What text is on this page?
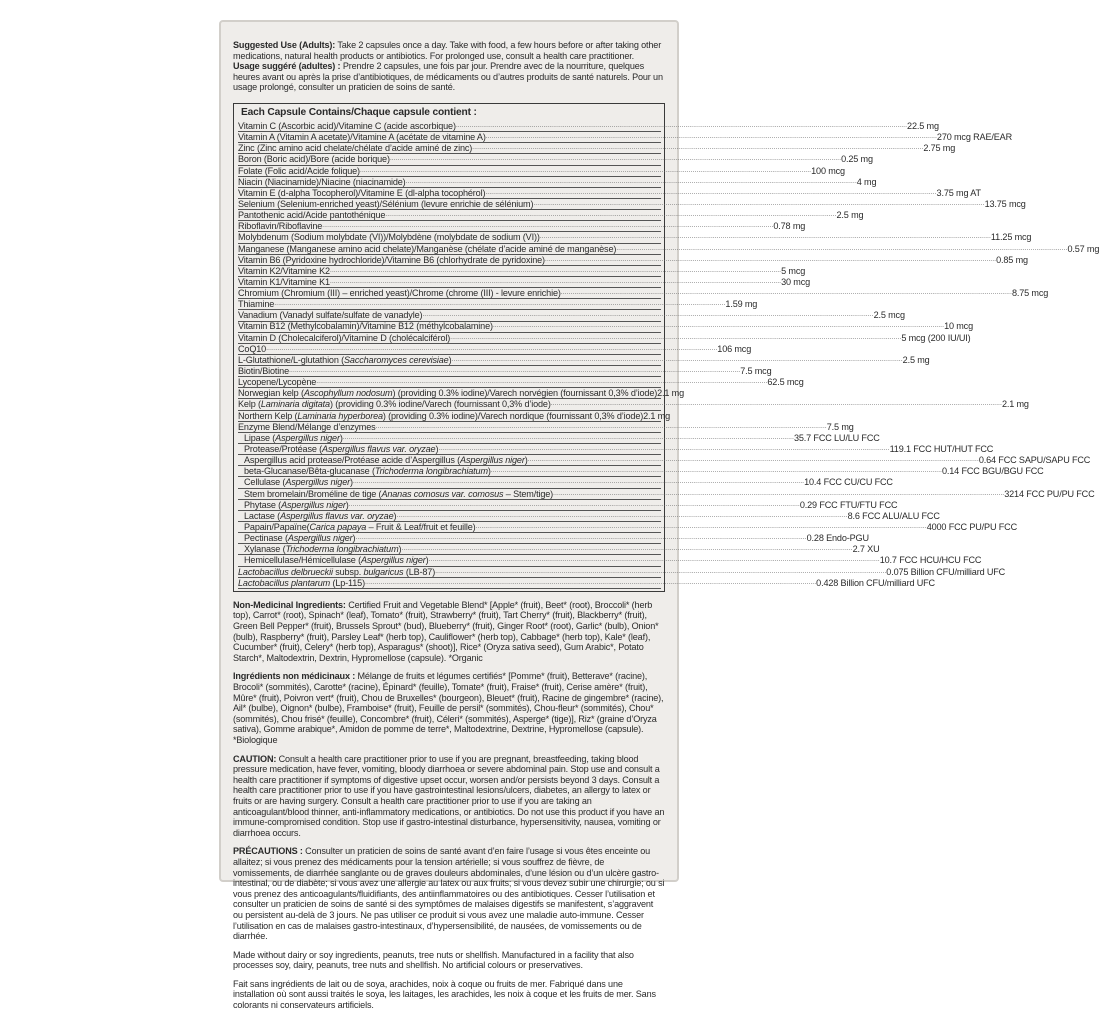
Suggested Use (Adults): Take 2 capsules once a day. Take with food, a few hours before or after taking other medications, natural health products or antibiotics. For prolonged use, consult a health care practitioner.

Usage suggéré (adultes) : Prendre 2 capsules, une fois par jour. Prendre avec de la nourriture, quelques heures avant ou après la prise d’antibiotiques, de médicaments ou d’autres produits de santé naturels. Pour un usage prolongé, consulter un praticien de soins de santé.

Each Capsule Contains/Chaque capsule contient :
Vitamin C (Ascorbic acid)/Vitamine C (acide ascorbique) .....	22.5 mg
Vitamin A (Vitamin A acetate)/Vitamine A (acétate de vitamine A) .....	270 mcg RAE/EAR
Zinc (Zinc amino acid chelate/chélate d’acide aminé de zinc) .....	2.75 mg
Boron (Boric acid)/Bore (acide borique) .....	0.25 mg
Folate (Folic acid/Acide folique) .....	100 mcg
Niacin (Niacinamide)/Niacine (niacinamide) .....	4 mg
Vitamin E (d-alpha Tocopherol)/Vitamine E (dl-alpha tocophérol) .....	3.75 mg AT
Selenium (Selenium-enriched yeast)/Sélénium (levure enrichie de sélénium) .....	13.75 mcg
Pantothenic acid/Acide pantothénique .....	2.5 mg
Riboflavin/Riboflavine .....	0.78 mg
Molybdenum (Sodium molybdate (VI))/Molybdène (molybdate de sodium (VI)) .....	11.25 mcg
Manganese (Manganese amino acid chelate)/Manganèse (chélate d’acide aminé de manganèse) .....	0.57 mg
Vitamin B6 (Pyridoxine hydrochloride)/Vitamine B6 (chlorhydrate de pyridoxine) .....	0.85 mg
Vitamin K2/Vitamine K2 .....	5 mcg
Vitamin K1/Vitamine K1 .....	30 mcg
Chromium (Chromium (III) – enriched yeast)/Chrome (chrome (III) - levure enrichie) .....	8.75 mcg
Thiamine .....	1.59 mg
Vanadium (Vanadyl sulfate/sulfate de vanadyle) .....	2.5 mcg
Vitamin B12 (Methylcobalamin)/Vitamine B12 (méthylcobalamine) .....	10 mcg
Vitamin D (Cholecalciferol)/Vitamine D (cholécalciférol) .....	5 mcg (200 IU/UI)
CoQ10 .....	106 mcg
L-Glutathione/L-glutathion (Saccharomyces cerevisiae) .....	2.5 mg
Biotin/Biotine .....	7.5 mcg
Lycopene/Lycopène .....	62.5 mcg
Norwegian kelp (Ascophyllum nodosum) (providing 0.3% iodine)/Varech norvégien (fournissant 0,3% d’iode) 2.1 mg
Kelp (Laminaria digitata) (providing 0.3% iodine/Varech (fournissant 0,3% d’iode) .....	2.1 mg
Northern Kelp (Laminaria hyperborea) (providing 0.3% iodine)/Varech nordique (fournissant 0,3% d’iode) 2.1 mg
Enzyme Blend/Mélange d’enzymes .....	7.5 mg
Lipase (Aspergillus niger) .....	35.7 FCC LU/LU FCC
Protease/Protéase (Aspergillus flavus var. oryzae) .....	119.1 FCC HUT/HUT FCC
Aspergillus acid protease/Protéase acide d’Aspergillus (Aspergillus niger) .....	0.64 FCC SAPU/SAPU FCC
beta-Glucanase/Bêta-glucanase (Trichoderma longibrachiatum) .....	0.14 FCC BGU/BGU FCC
Cellulase (Aspergillus niger) .....	10.4 FCC CU/CU FCC
Stem bromelain/Broméline de tige (Ananas comosus var. comosus – Stem/tige) .....	3214 FCC PU/PU FCC
Phytase (Aspergillus niger) .....	0.29 FCC FTU/FTU FCC
Lactase (Aspergillus flavus var. oryzae) .....	8.6 FCC ALU/ALU FCC
Papain/Papaïne(Carica papaya – Fruit & Leaf/fruit et feuille) .....	4000 FCC PU/PU FCC
Pectinase (Aspergillus niger) .....	0.28 Endo-PGU
Xylanase (Trichoderma longibrachiatum) .....	2.7 XU
Hemicellulase/Hémicellulase (Aspergillus niger) .....	10.7 FCC HCU/HCU FCC
Lactobacillus delbrueckii subsp. bulgaricus (LB-87) .....	0.075 Billion CFU/milliard UFC
Lactobacillus plantarum (Lp-115) .....	0.428 Billion CFU/milliard UFC

Non-Medicinal Ingredients: Certified Fruit and Vegetable Blend* [Apple* (fruit), Beet* (root), Broccoli* (herb top), Carrot* (root), Spinach* (leaf), Tomato* (fruit), Strawberry* (fruit), Tart Cherry* (fruit), Blackberry* (fruit), Green Bell Pepper* (fruit), Brussels Sprout* (bud), Blueberry* (fruit), Ginger Root* (root), Garlic* (bulb), Onion* (bulb), Raspberry* (fruit), Parsley Leaf* (herb top), Cauliflower* (herb top), Cabbage* (herb top), Kale* (leaf), Cucumber* (fruit), Celery* (herb top), Asparagus* (shoot)], Rice* (Oryza sativa seed), Gum Arabic*, Potato Starch*, Maltodextrin, Dextrin, Hypromellose (capsule). *Organic

Ingrédients non médicinaux : Mélange de fruits et légumes certifiés* [Pomme* (fruit), Betterave* (racine), Brocoli* (sommités), Carotte* (racine), Épinard* (feuille), Tomate* (fruit), Fraise* (fruit), Cerise amère* (fruit), Mûre* (fruit), Poivron vert* (fruit), Chou de Bruxelles* (bourgeon), Bleuet* (fruit), Racine de gingembre* (racine), Ail* (bulbe), Oignon* (bulbe), Framboise* (fruit), Feuille de persil* (sommités), Chou-fleur* (sommités), Chou* (sommités), Chou frisé* (feuille), Concombre* (fruit), Céleri* (sommités), Asperge* (tige)], Riz* (graine d’Oryza sativa), Gomme arabique*, Amidon de pomme de terre*, Maltodextrine, Dextrine, Hypromellose (capsule). *Biologique

CAUTION: Consult a health care practitioner prior to use if you are pregnant, breastfeeding, taking blood pressure medication, have fever, vomiting, bloody diarrhoea or severe abdominal pain. Stop use and consult a health care practitioner if symptoms of digestive upset occur, worsen and/or persists beyond 3 days. Consult a health care practitioner prior to use if you have gastrointestinal lesions/ulcers, diabetes, an allergy to latex or fruits or are having surgery. Consult a health care practitioner prior to use if you are taking an anticoagulant/blood thinner, anti-inflammatory medications, or antibiotics. Do not use this product if you have an immune-compromised condition. Stop use if gastro-intestinal disturbance, hypersensitivity, nausea, vomiting or diarrhoea occurs.

PRÉCAUTIONS : Consulter un praticien de soins de santé avant d’en faire l’usage si vous êtes enceinte ou allaitez; si vous prenez des médicaments pour la tension artérielle; si vous souffrez de fièvre, de vomissements, de diarrhée sanglante ou de graves douleurs abdominales, d’une lésion ou d’un ulcère gastro-intestinal, ou de diabète; si vous avez une allergie au latex ou aux fruits; si vous devez subir une chirurgie; ou si vous prenez des anticoagulants/fluidifiants, des antiinflammatoires ou des antibiotiques. Cesser l’utilisation et consulter un praticien de soins de santé si des symptômes de malaises digestifs se manifestent, s’aggravent ou persistent au-delà de 3 jours. Ne pas utiliser ce produit si vous avez une maladie auto-immune. Cesser l’utilisation en cas de malaises gastro-intestinaux, d’hypersensibilité, de nausées, de vomissements ou de diarrhée.

Made without dairy or soy ingredients, peanuts, tree nuts or shellfish. Manufactured in a facility that also processes soy, dairy, peanuts, tree nuts and shellfish. No artificial colours or preservatives.

Fait sans ingrédients de lait ou de soya, arachides, noix à coque ou fruits de mer. Fabriqué dans une installation où sont aussi traités le soya, les laitages, les arachides, les noix à coque et les fruits de mer. Sans colorants ni conservateurs artificiels.
